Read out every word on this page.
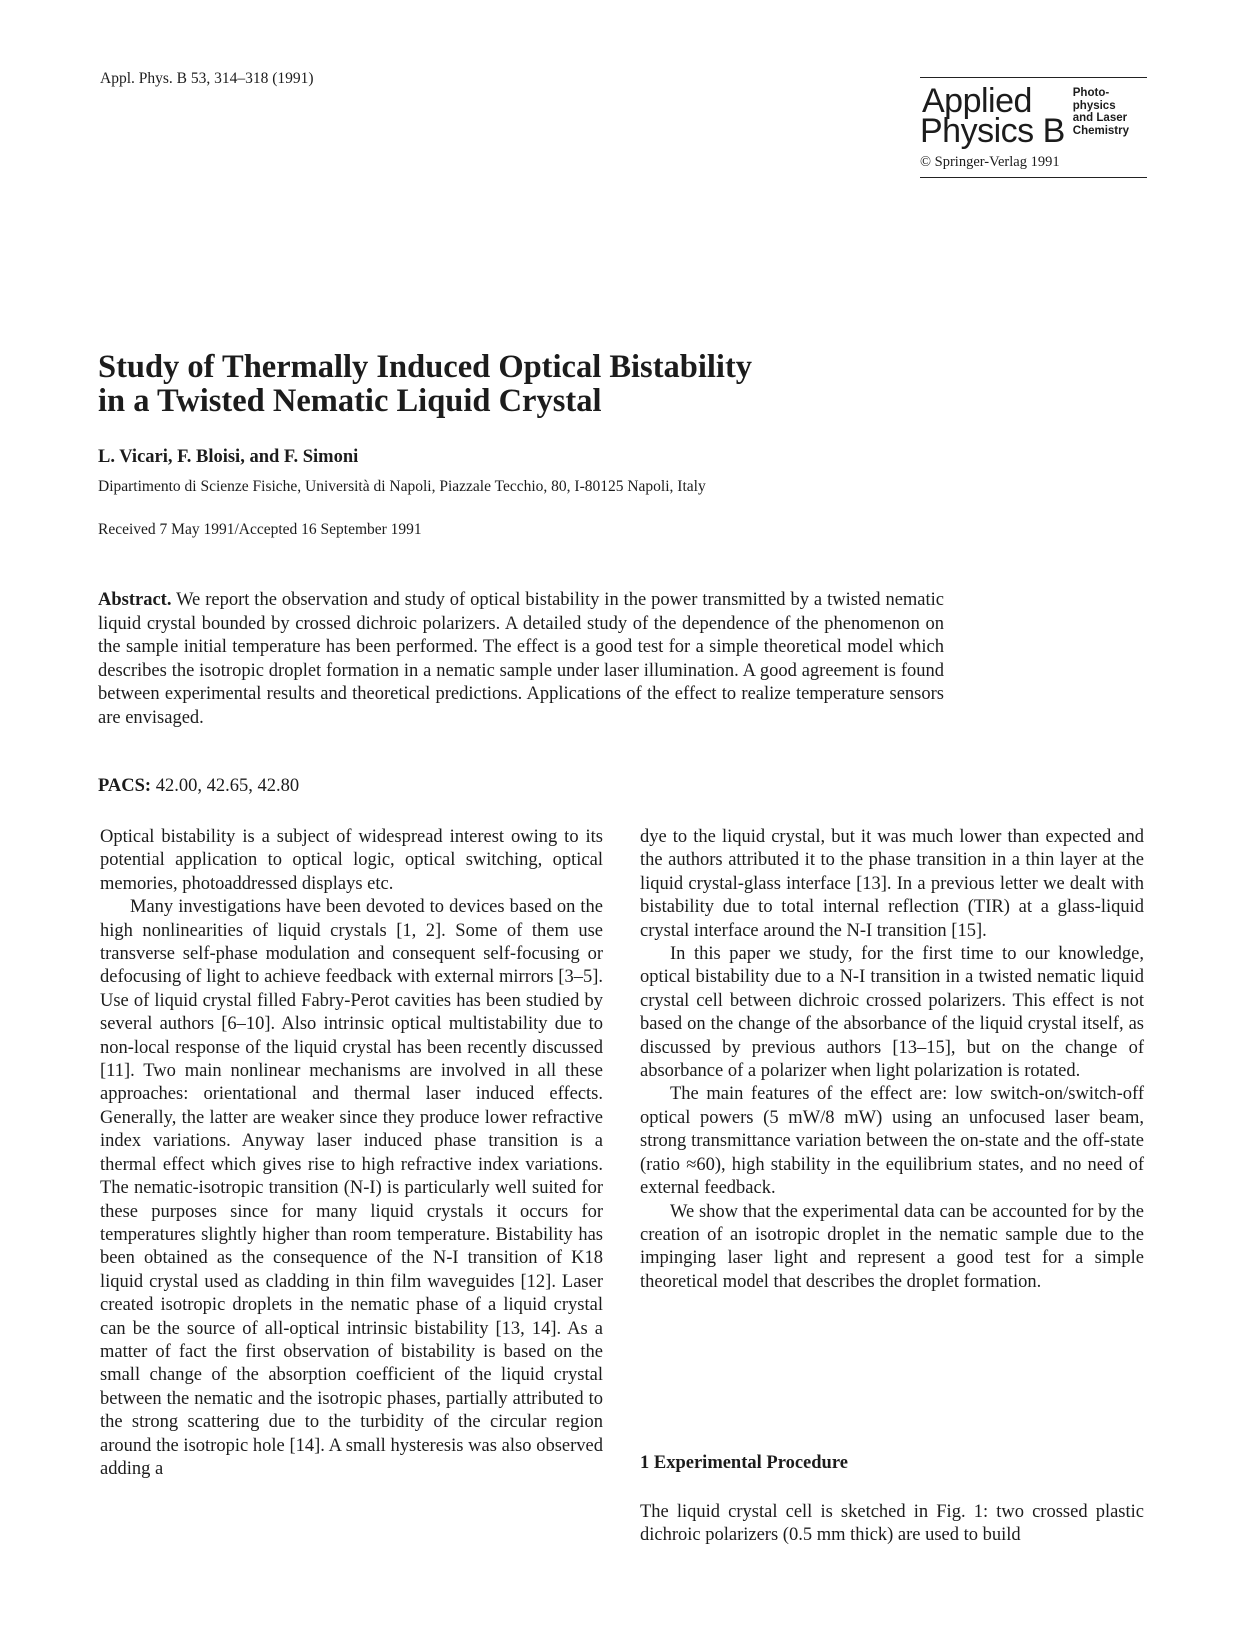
Appl. Phys. B 53, 314–318 (1991)
Applied
Physics B
Photo-
physics
and Laser
Chemistry
© Springer-Verlag 1991
Study of Thermally Induced Optical Bistability
in a Twisted Nematic Liquid Crystal
L. Vicari, F. Bloisi, and F. Simoni
Dipartimento di Scienze Fisiche, Università di Napoli, Piazzale Tecchio, 80, I-80125 Napoli, Italy
Received 7 May 1991/Accepted 16 September 1991
Abstract. We report the observation and study of optical bistability in the power transmitted by a twisted nematic liquid crystal bounded by crossed dichroic polarizers. A detailed study of the dependence of the phenomenon on the sample initial temperature has been performed. The effect is a good test for a simple theoretical model which describes the isotropic droplet formation in a nematic sample under laser illumination. A good agreement is found between experimental results and theoretical predictions. Applications of the effect to realize temperature sensors are envisaged.
PACS: 42.00, 42.65, 42.80

Optical bistability is a subject of widespread interest owing to its potential application to optical logic, optical switching, optical memories, photoaddressed displays etc.

Many investigations have been devoted to devices based on the high nonlinearities of liquid crystals [1, 2]. Some of them use transverse self-phase modulation and consequent self-focusing or defocusing of light to achieve feedback with external mirrors [3–5]. Use of liquid crystal filled Fabry-Perot cavities has been studied by several authors [6–10]. Also intrinsic optical multistability due to non-local response of the liquid crystal has been recently discussed [11]. Two main nonlinear mechanisms are involved in all these approaches: orientational and thermal laser induced effects. Generally, the latter are weaker since they produce lower refractive index variations. Anyway laser induced phase transition is a thermal effect which gives rise to high refractive index variations. The nematic-isotropic transition (N-I) is particularly well suited for these purposes since for many liquid crystals it occurs for temperatures slightly higher than room temperature. Bistability has been obtained as the consequence of the N-I transition of K18 liquid crystal used as cladding in thin film waveguides [12]. Laser created isotropic droplets in the nematic phase of a liquid crystal can be the source of all-optical intrinsic bistability [13, 14]. As a matter of fact the first observation of bistability is based on the small change of the absorption coefficient of the liquid crystal between the nematic and the isotropic phases, partially attributed to the strong scattering due to the turbidity of the circular region around the isotropic hole [14]. A small hysteresis was also observed adding a

dye to the liquid crystal, but it was much lower than expected and the authors attributed it to the phase transition in a thin layer at the liquid crystal-glass interface [13]. In a previous letter we dealt with bistability due to total internal reflection (TIR) at a glass-liquid crystal interface around the N-I transition [15].

In this paper we study, for the first time to our knowledge, optical bistability due to a N-I transition in a twisted nematic liquid crystal cell between dichroic crossed polarizers. This effect is not based on the change of the absorbance of the liquid crystal itself, as discussed by previous authors [13–15], but on the change of absorbance of a polarizer when light polarization is rotated.

The main features of the effect are: low switch-on/switch-off optical powers (5 mW/8 mW) using an unfocused laser beam, strong transmittance variation between the on-state and the off-state (ratio ≈60), high stability in the equilibrium states, and no need of external feedback.

We show that the experimental data can be accounted for by the creation of an isotropic droplet in the nematic sample due to the impinging laser light and represent a good test for a simple theoretical model that describes the droplet formation.

1 Experimental Procedure

The liquid crystal cell is sketched in Fig. 1: two crossed plastic dichroic polarizers (0.5 mm thick) are used to build
